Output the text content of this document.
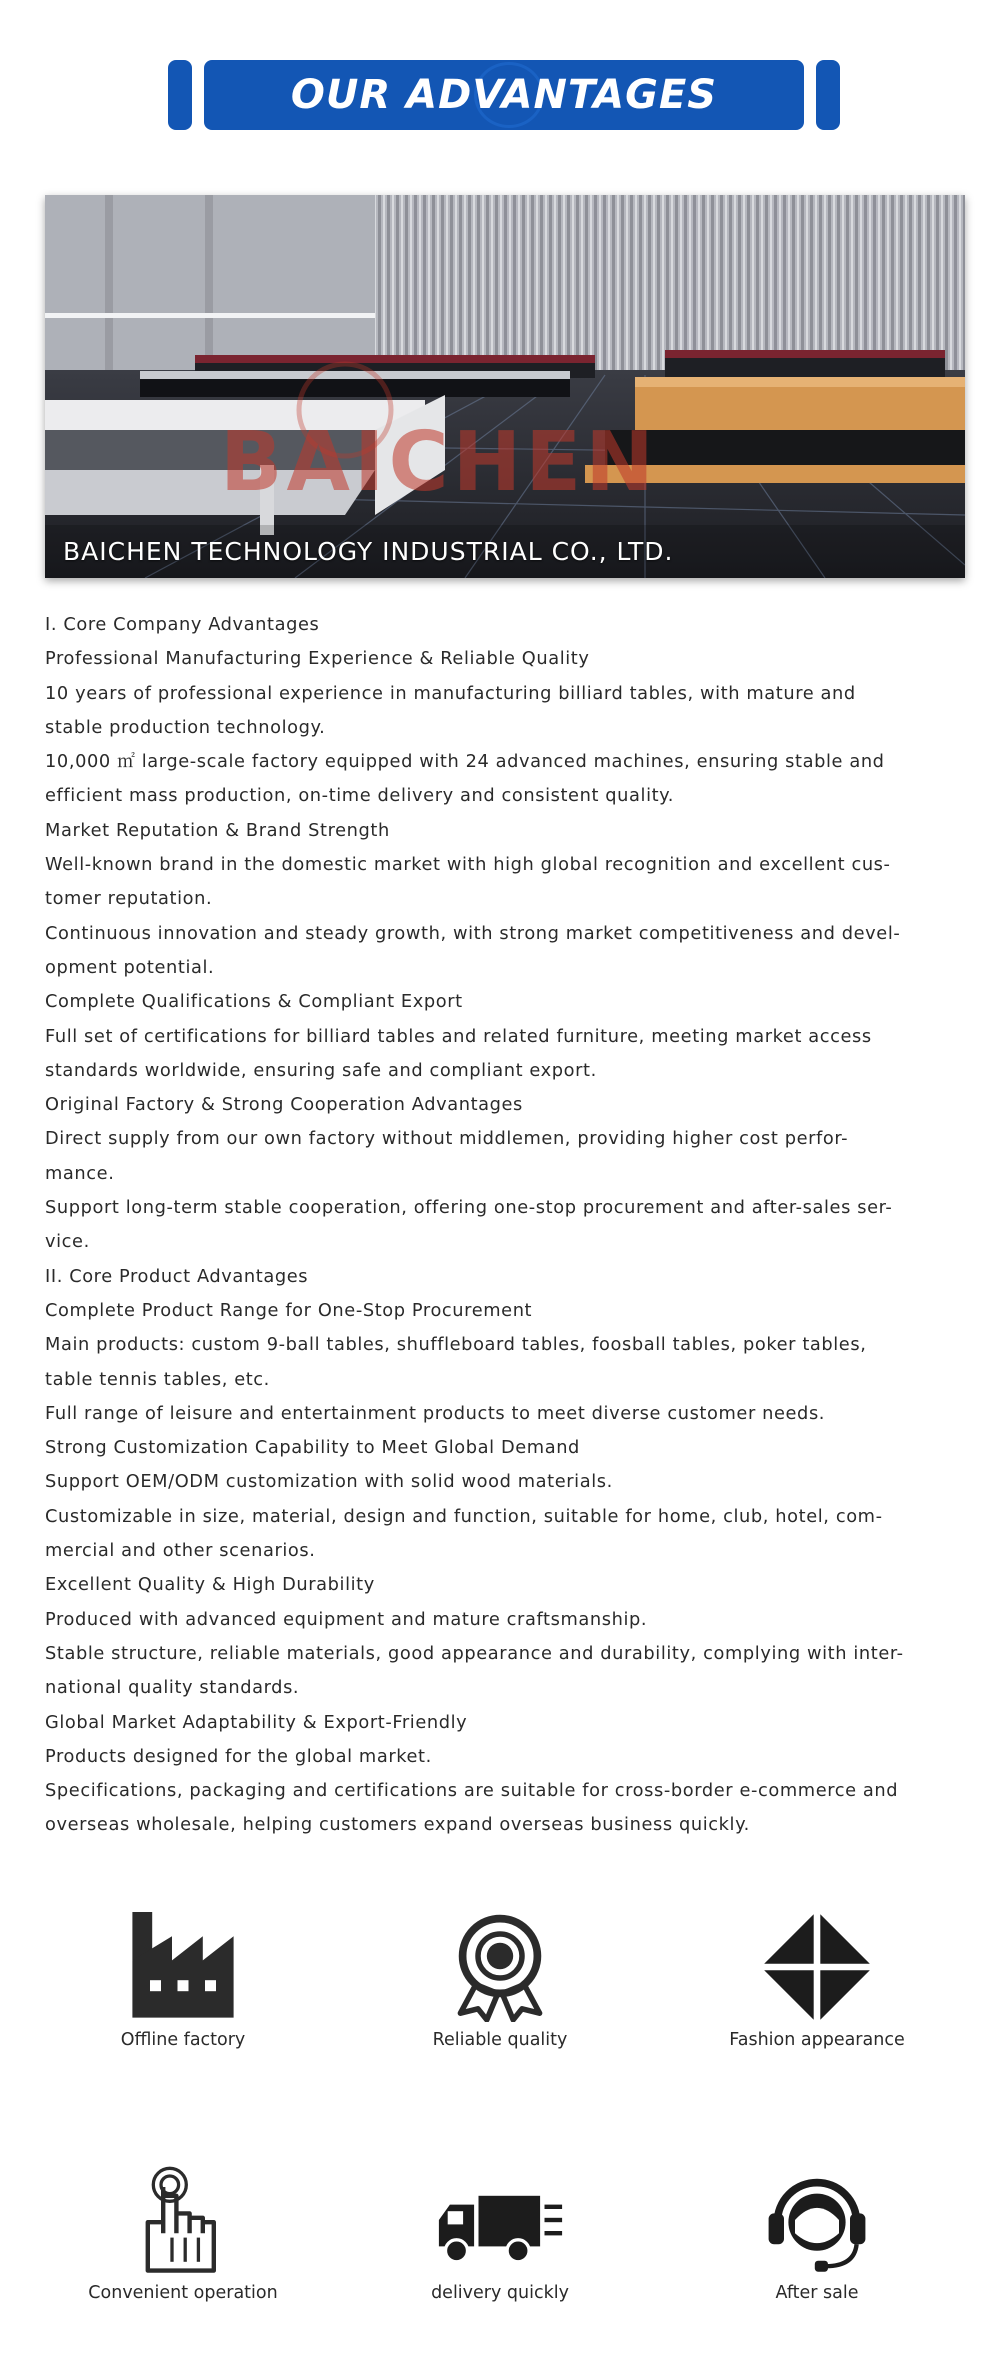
OUR ADVANTAGES
BAICHEN
BAICHEN TECHNOLOGY INDUSTRIAL CO., LTD.

I. Core Company Advantages

Professional Manufacturing Experience & Reliable Quality

10 years of professional experience in manufacturing billiard tables, with mature and

stable production technology.

10,000 ㎡ large-scale factory equipped with 24 advanced machines, ensuring stable and

efficient mass production, on-time delivery and consistent quality.

Market Reputation & Brand Strength

Well-known brand in the domestic market with high global recognition and excellent cus-

tomer reputation.

Continuous innovation and steady growth, with strong market competitiveness and devel-

opment potential.

Complete Qualifications & Compliant Export

Full set of certifications for billiard tables and related furniture, meeting market access

standards worldwide, ensuring safe and compliant export.

Original Factory & Strong Cooperation Advantages

Direct supply from our own factory without middlemen, providing higher cost perfor-

mance.

Support long-term stable cooperation, offering one-stop procurement and after-sales ser-

vice.

II. Core Product Advantages

Complete Product Range for One-Stop Procurement

Main products: custom 9-ball tables, shuffleboard tables, foosball tables, poker tables,

table tennis tables, etc.

Full range of leisure and entertainment products to meet diverse customer needs.

Strong Customization Capability to Meet Global Demand

Support OEM/ODM customization with solid wood materials.

Customizable in size, material, design and function, suitable for home, club, hotel, com-

mercial and other scenarios.

Excellent Quality & High Durability

Produced with advanced equipment and mature craftsmanship.

Stable structure, reliable materials, good appearance and durability, complying with inter-

national quality standards.

Global Market Adaptability & Export-Friendly

Products designed for the global market.

Specifications, packaging and certifications are suitable for cross-border e-commerce and

overseas wholesale, helping customers expand overseas business quickly.

Offline factory	Reliable quality	Fashion appearance
Convenient operation	delivery quickly	After sale
